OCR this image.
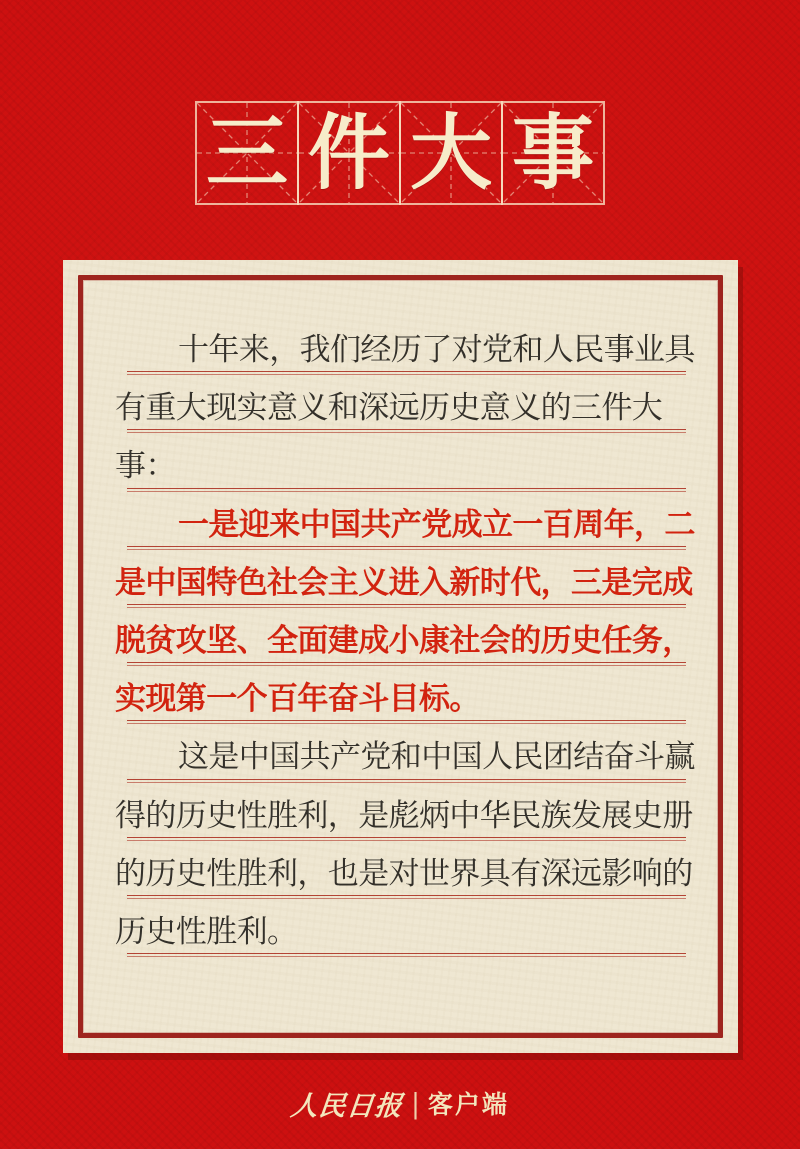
三 件 大 事
十年来，我们经历了对党和人民事业具
有重大现实意义和深远历史意义的三件大
事：
一是迎来中国共产党成立一百周年，二
是中国特色社会主义进入新时代，三是完成
脱贫攻坚、全面建成小康社会的历史任务，
实现第一个百年奋斗目标。
这是中国共产党和中国人民团结奋斗赢
得的历史性胜利，是彪炳中华民族发展史册
的历史性胜利，也是对世界具有深远影响的
历史性胜利。
人民日报 | 客户端
